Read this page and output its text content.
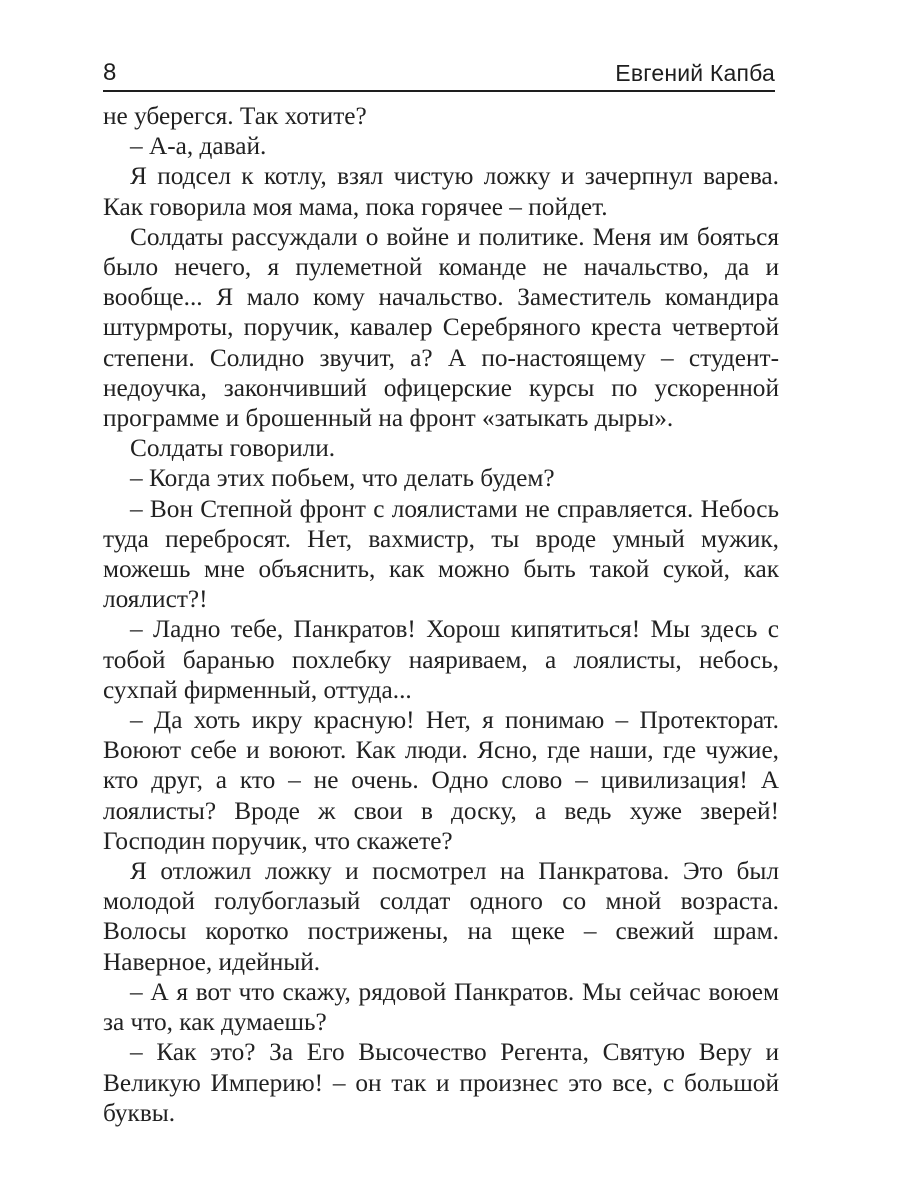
8	Евгений Капба

не уберегся. Так хотите?

– А-а, давай.

Я подсел к котлу, взял чистую ложку и зачерпнул варева. Как говорила моя мама, пока горячее – пойдет.

Солдаты рассуждали о войне и политике. Меня им бояться было нечего, я пулеметной команде не начальство, да и вообще... Я мало кому начальство. Заместитель командира штурмроты, поручик, кавалер Серебряного креста четвертой степени. Солидно звучит, а? А по-настоящему – студент-недоучка, закончивший офицерские курсы по ускоренной программе и брошенный на фронт «затыкать дыры».

Солдаты говорили.

– Когда этих побьем, что делать будем?

– Вон Степной фронт с лоялистами не справляется. Небось туда перебросят. Нет, вахмистр, ты вроде умный мужик, можешь мне объяснить, как можно быть такой сукой, как лоялист?!

– Ладно тебе, Панкратов! Хорош кипятиться! Мы здесь с тобой баранью похлебку наяриваем, а лоялисты, небось, сухпай фирменный, оттуда...

– Да хоть икру красную! Нет, я понимаю – Протекторат. Воюют себе и воюют. Как люди. Ясно, где наши, где чужие, кто друг, а кто – не очень. Одно слово – цивилизация! А лоялисты? Вроде ж свои в доску, а ведь хуже зверей! Господин поручик, что скажете?

Я отложил ложку и посмотрел на Панкратова. Это был молодой голубоглазый солдат одного со мной возраста. Волосы коротко пострижены, на щеке – свежий шрам. Наверное, идейный.

– А я вот что скажу, рядовой Панкратов. Мы сейчас воюем за что, как думаешь?

– Как это? За Его Высочество Регента, Святую Веру и Великую Империю! – он так и произнес это все, с большой буквы.
